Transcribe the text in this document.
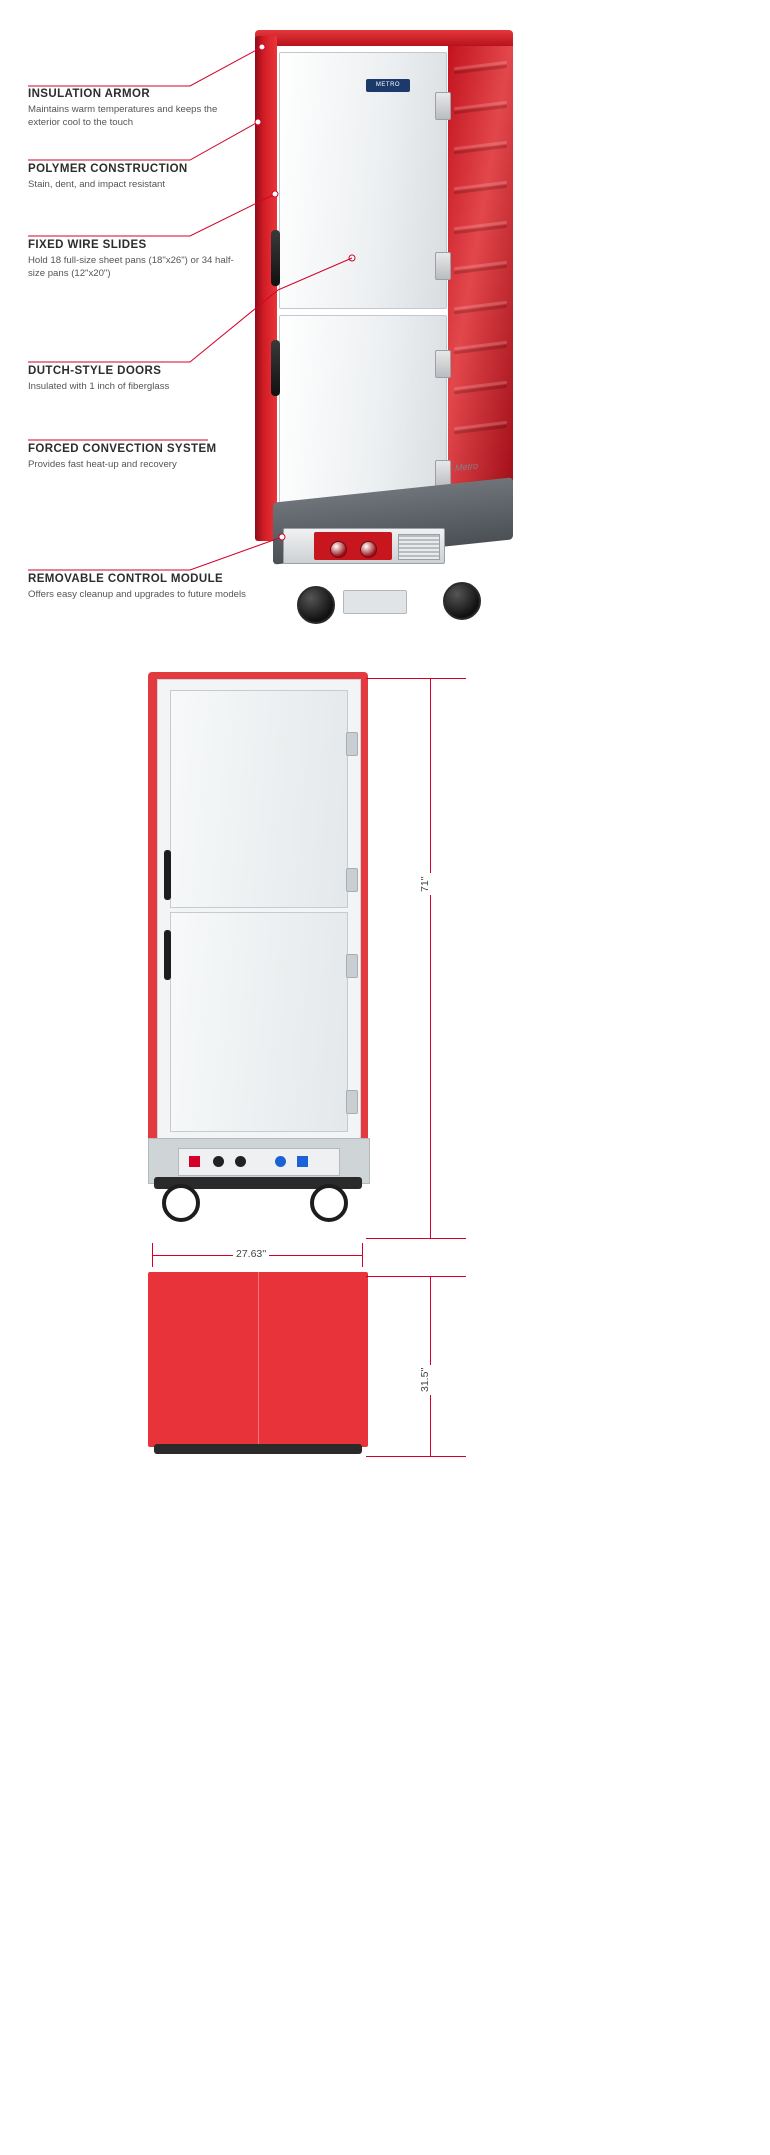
METRO
Metro

INSULATION ARMOR

Maintains warm temperatures and keeps the exterior cool to the touch

POLYMER CONSTRUCTION

Stain, dent, and impact resistant

FIXED WIRE SLIDES

Hold 18 full-size sheet pans (18"x26") or 34 half-size pans (12"x20")

DUTCH-STYLE DOORS

Insulated with 1 inch of fiberglass

FORCED CONVECTION SYSTEM

Provides fast heat-up and recovery

REMOVABLE CONTROL MODULE

Offers easy cleanup and upgrades to future models

71''
27.63''
31.5''
